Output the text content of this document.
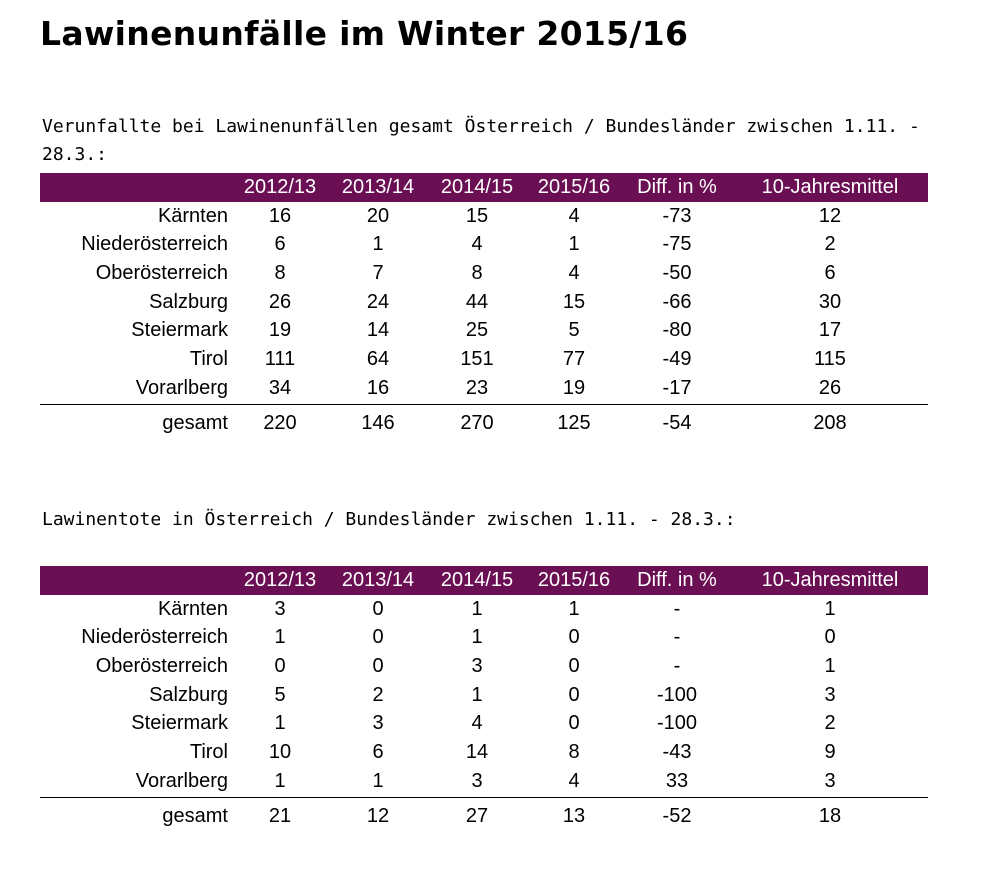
Lawinenunfälle im Winter 2015/16

Verunfallte bei Lawinenunfällen gesamt Österreich / Bundesländer zwischen 1.11. - 28.3.:

	2012/13	2013/14	2014/15	2015/16	Diff. in %	10-Jahresmittel
Kärnten	16	20	15	4	-73	12
Niederösterreich	6	1	4	1	-75	2
Oberösterreich	8	7	8	4	-50	6
Salzburg	26	24	44	15	-66	30
Steiermark	19	14	25	5	-80	17
Tirol	111	64	151	77	-49	115
Vorarlberg	34	16	23	19	-17	26
gesamt	220	146	270	125	-54	208

Lawinentote in Österreich / Bundesländer zwischen 1.11. - 28.3.:

	2012/13	2013/14	2014/15	2015/16	Diff. in %	10-Jahresmittel
Kärnten	3	0	1	1	-	1
Niederösterreich	1	0	1	0	-	0
Oberösterreich	0	0	3	0	-	1
Salzburg	5	2	1	0	-100	3
Steiermark	1	3	4	0	-100	2
Tirol	10	6	14	8	-43	9
Vorarlberg	1	1	3	4	33	3
gesamt	21	12	27	13	-52	18
